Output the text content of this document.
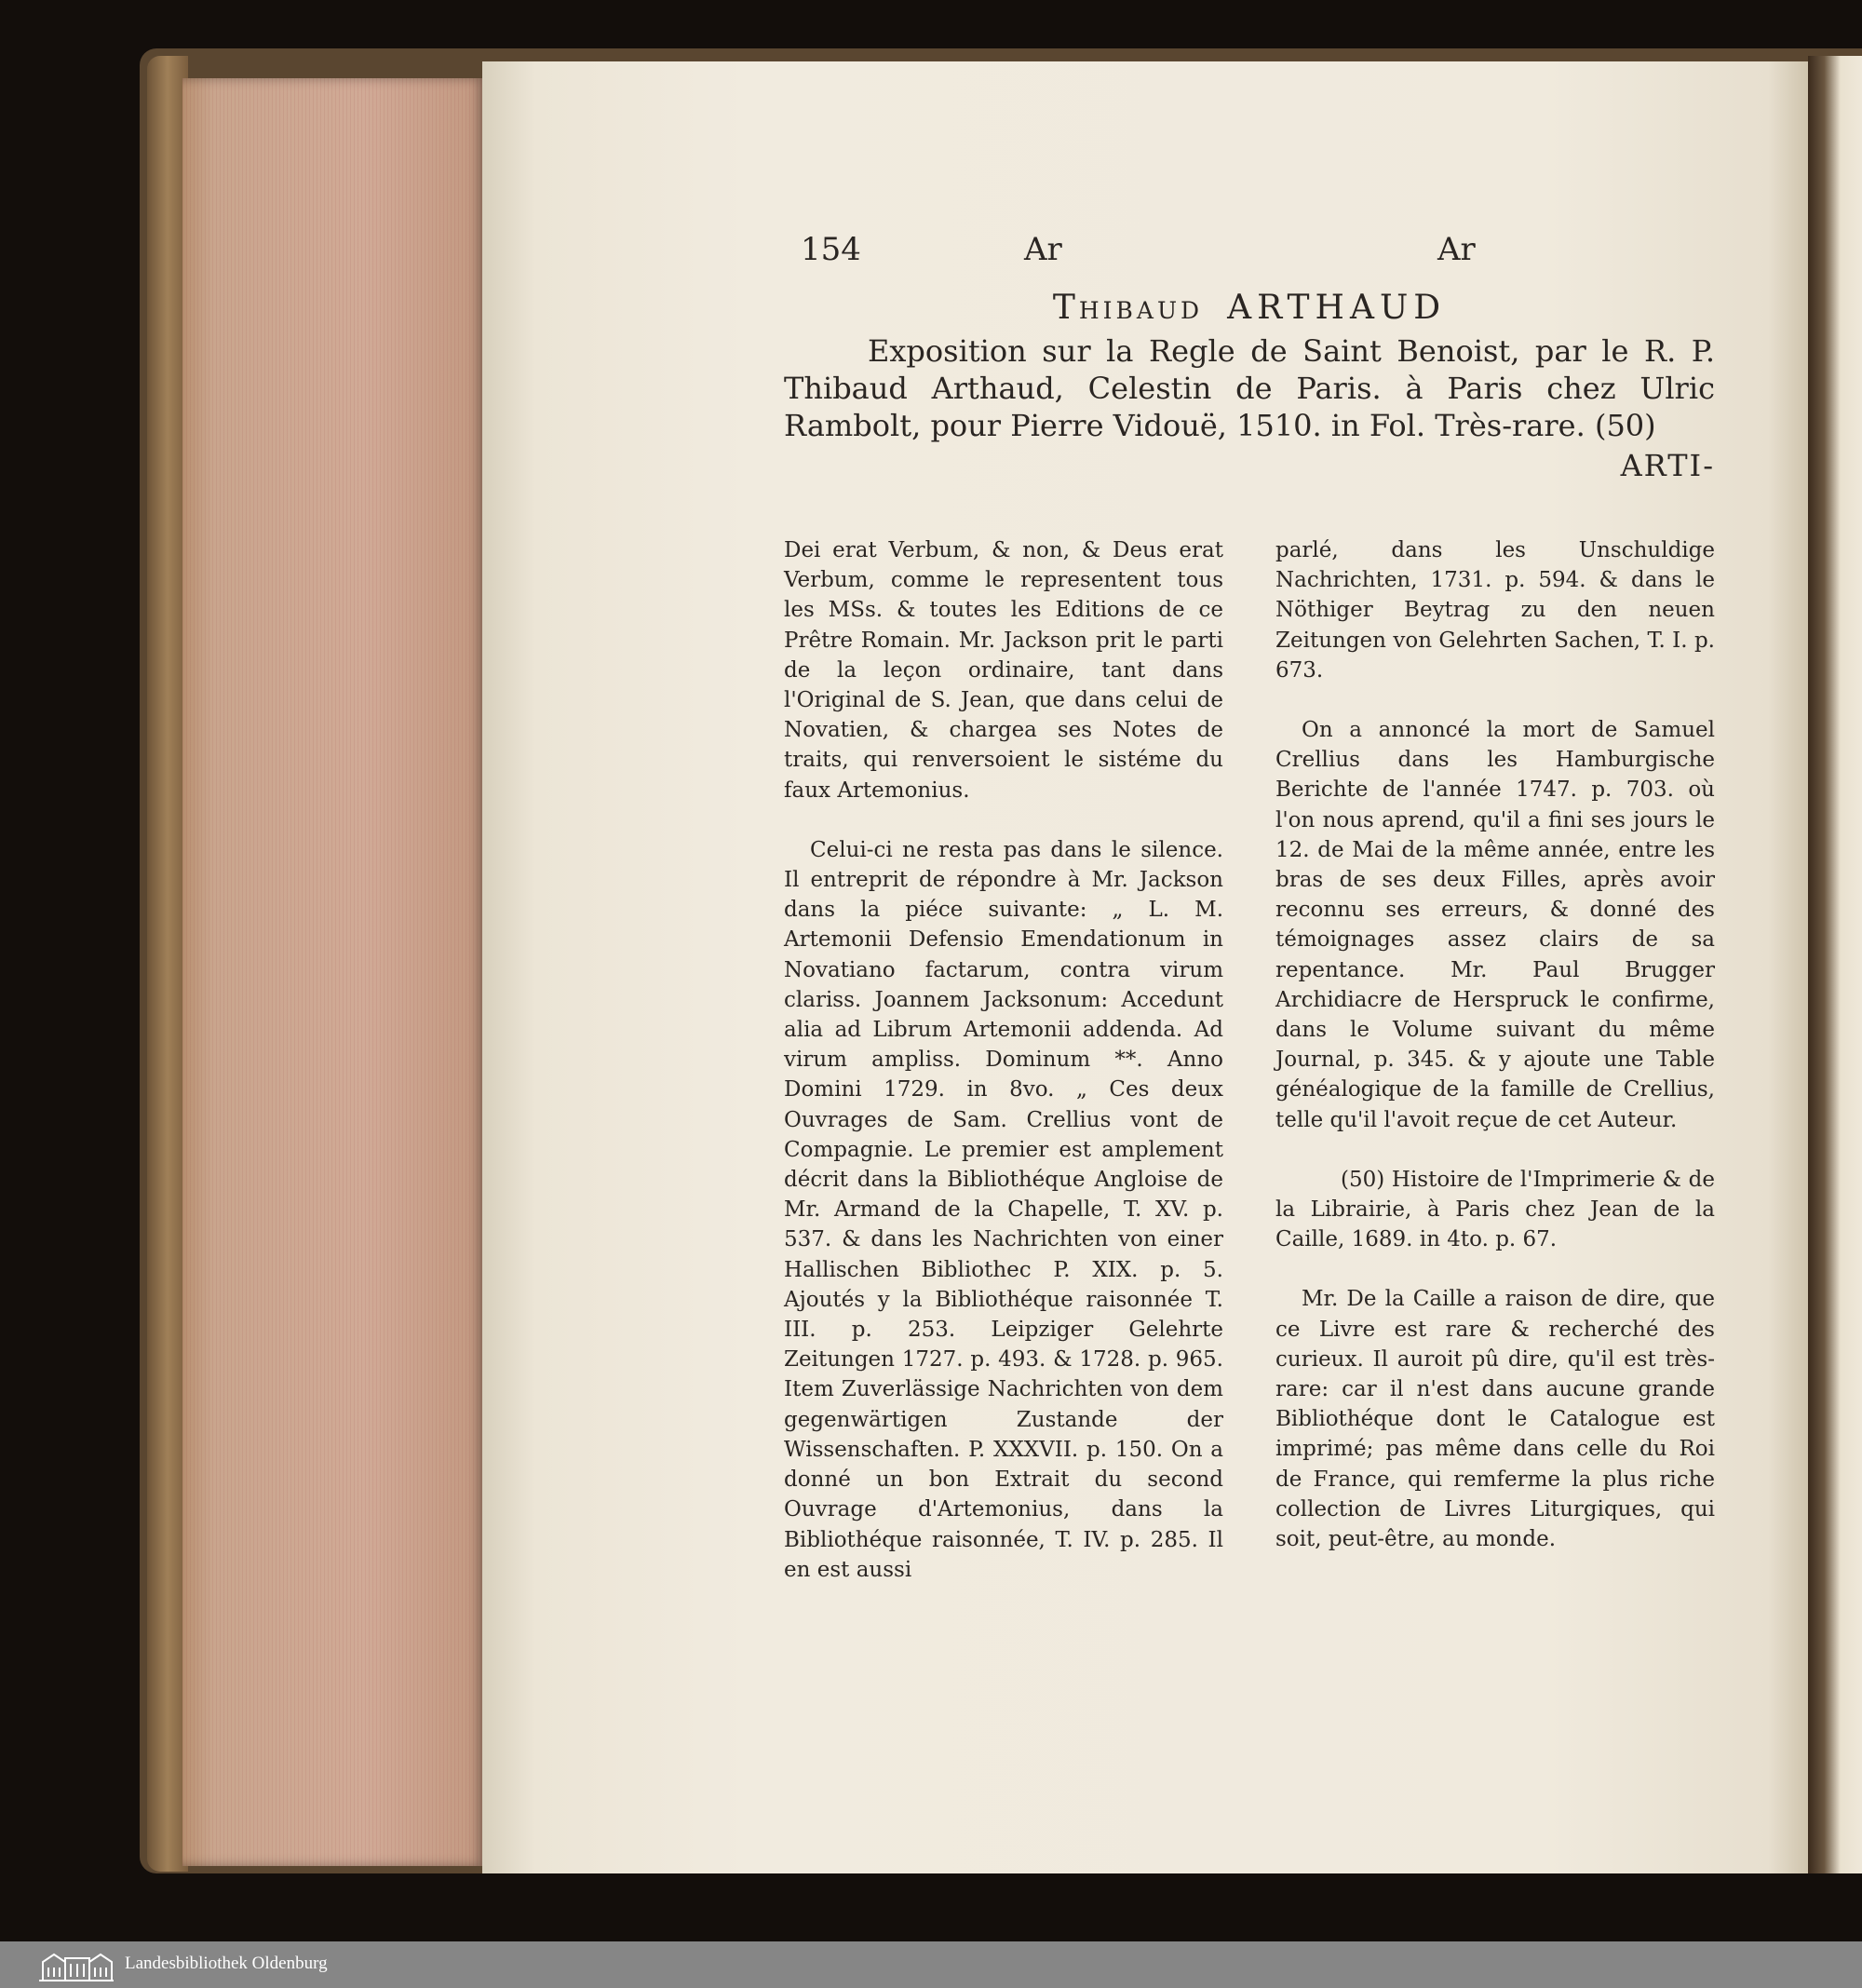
154	Ar	Ar
Thibaud ARTHAUD
Exposition sur la Regle de Saint Benoist, par le R. P. Thibaud Arthaud, Celestin de Paris. à Paris chez Ulric Rambolt, pour Pierre Vidouë, 1510. in Fol. Très-rare. (50)
ARTI-

Dei erat Verbum, & non, & Deus erat Verbum, comme le representent tous les MSs. & toutes les Editions de ce Prêtre Romain. Mr. Jackson prit le parti de la leçon ordinaire, tant dans l'Original de S. Jean, que dans celui de Novatien, & chargea ses Notes de traits, qui renversoient le sistéme du faux Artemonius.

Celui-ci ne resta pas dans le silence. Il entreprit de répondre à Mr. Jackson dans la piéce suivante: „ L. M. Artemonii Defensio Emendationum in Novatiano factarum, contra virum clariss. Joannem Jacksonum: Accedunt alia ad Librum Artemonii addenda. Ad virum ampliss. Dominum **. Anno Domini 1729. in 8vo. „ Ces deux Ouvrages de Sam. Crellius vont de Compagnie. Le premier est amplement décrit dans la Bibliothéque Angloise de Mr. Armand de la Chapelle, T. XV. p. 537. & dans les Nachrichten von einer Hallischen Bibliothec P. XIX. p. 5. Ajoutés y la Bibliothéque raisonnée T. III. p. 253. Leipziger Gelehrte Zeitungen 1727. p. 493. & 1728. p. 965. Item Zuverlässige Nachrichten von dem gegenwärtigen Zustande der Wissenschaften. P. XXXVII. p. 150. On a donné un bon Extrait du second Ouvrage d'Artemonius, dans la Bibliothéque raisonnée, T. IV. p. 285. Il en est aussi

parlé, dans les Unschuldige Nachrichten, 1731. p. 594. & dans le Nöthiger Beytrag zu den neuen Zeitungen von Gelehrten Sachen, T. I. p. 673.

On a annoncé la mort de Samuel Crellius dans les Hamburgische Berichte de l'année 1747. p. 703. où l'on nous aprend, qu'il a fini ses jours le 12. de Mai de la même année, entre les bras de ses deux Filles, après avoir reconnu ses erreurs, & donné des témoignages assez clairs de sa repentance. Mr. Paul Brugger Archidiacre de Herspruck le confirme, dans le Volume suivant du même Journal, p. 345. & y ajoute une Table généalogique de la famille de Crellius, telle qu'il l'avoit reçue de cet Auteur.

(50) Histoire de l'Imprimerie & de la Librairie, à Paris chez Jean de la Caille, 1689. in 4to. p. 67.

Mr. De la Caille a raison de dire, que ce Livre est rare & recherché des curieux. Il auroit pû dire, qu'il est très-rare: car il n'est dans aucune grande Bibliothéque dont le Catalogue est imprimé; pas même dans celle du Roi de France, qui remferme la plus riche collection de Livres Liturgiques, qui soit, peut-être, au monde.

Landesbibliothek Oldenburg
